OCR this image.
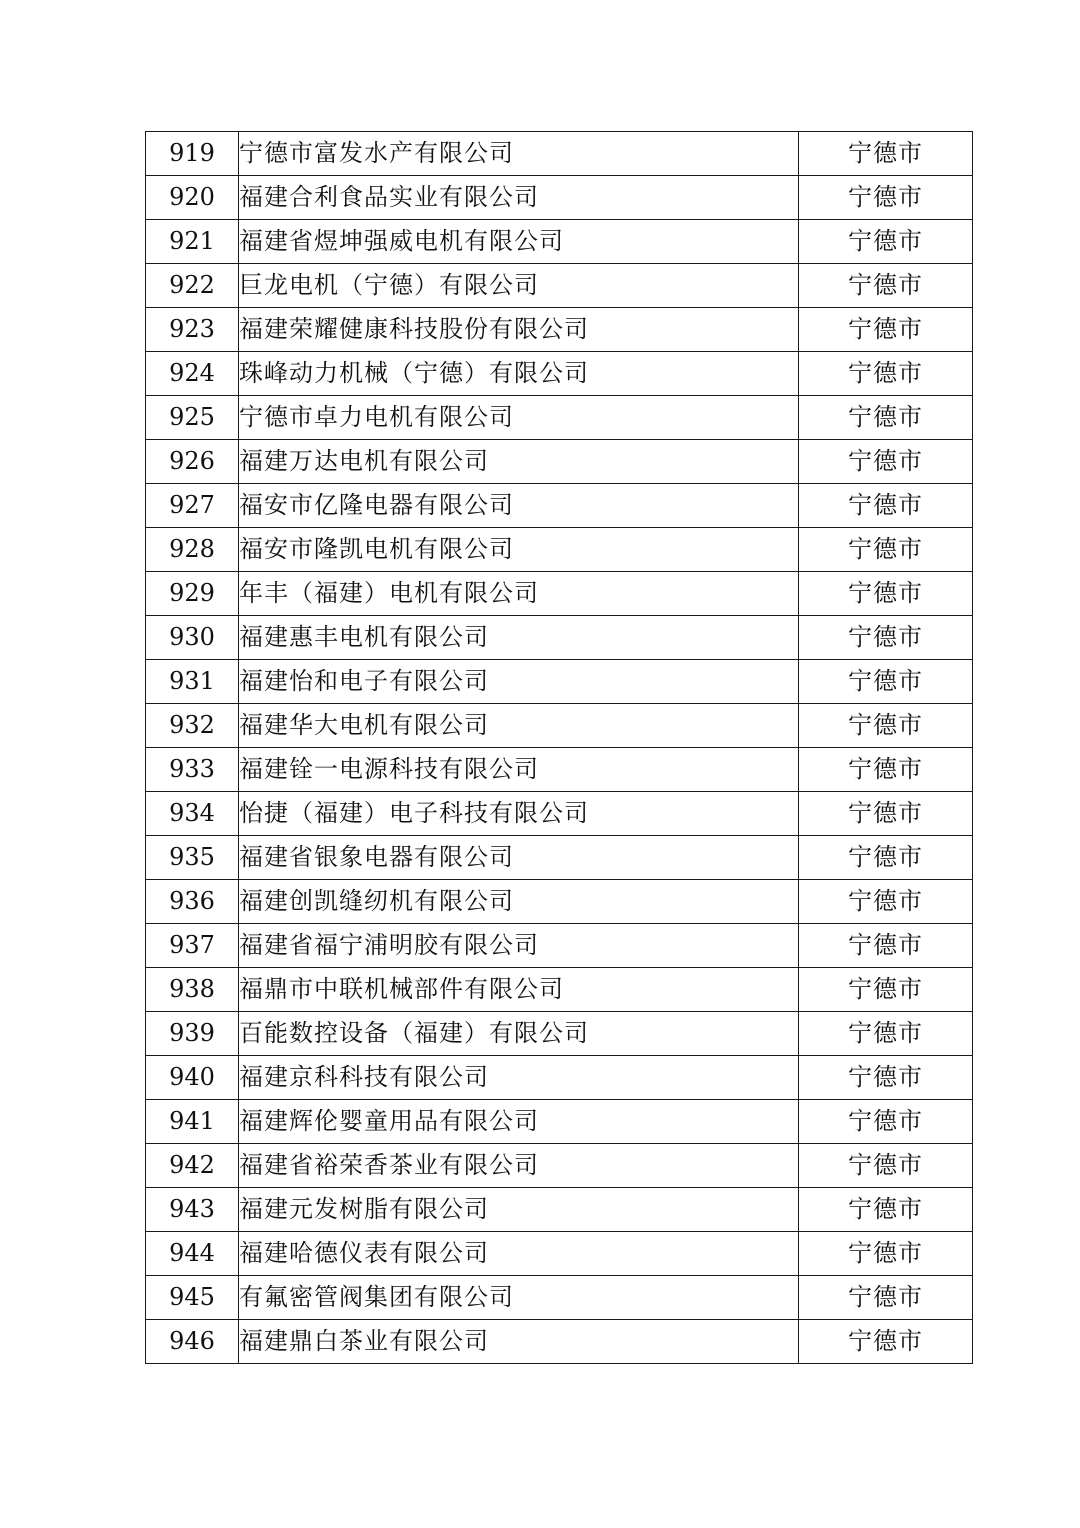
919	宁德市富发水产有限公司	宁德市
920	福建合利食品实业有限公司	宁德市
921	福建省煜坤强威电机有限公司	宁德市
922	巨龙电机（宁德）有限公司	宁德市
923	福建荣耀健康科技股份有限公司	宁德市
924	珠峰动力机械（宁德）有限公司	宁德市
925	宁德市卓力电机有限公司	宁德市
926	福建万达电机有限公司	宁德市
927	福安市亿隆电器有限公司	宁德市
928	福安市隆凯电机有限公司	宁德市
929	年丰（福建）电机有限公司	宁德市
930	福建惠丰电机有限公司	宁德市
931	福建怡和电子有限公司	宁德市
932	福建华大电机有限公司	宁德市
933	福建铨一电源科技有限公司	宁德市
934	怡捷（福建）电子科技有限公司	宁德市
935	福建省银象电器有限公司	宁德市
936	福建创凯缝纫机有限公司	宁德市
937	福建省福宁浦明胶有限公司	宁德市
938	福鼎市中联机械部件有限公司	宁德市
939	百能数控设备（福建）有限公司	宁德市
940	福建京科科技有限公司	宁德市
941	福建辉伦婴童用品有限公司	宁德市
942	福建省裕荣香茶业有限公司	宁德市
943	福建元发树脂有限公司	宁德市
944	福建哈德仪表有限公司	宁德市
945	有氟密管阀集团有限公司	宁德市
946	福建鼎白茶业有限公司	宁德市
